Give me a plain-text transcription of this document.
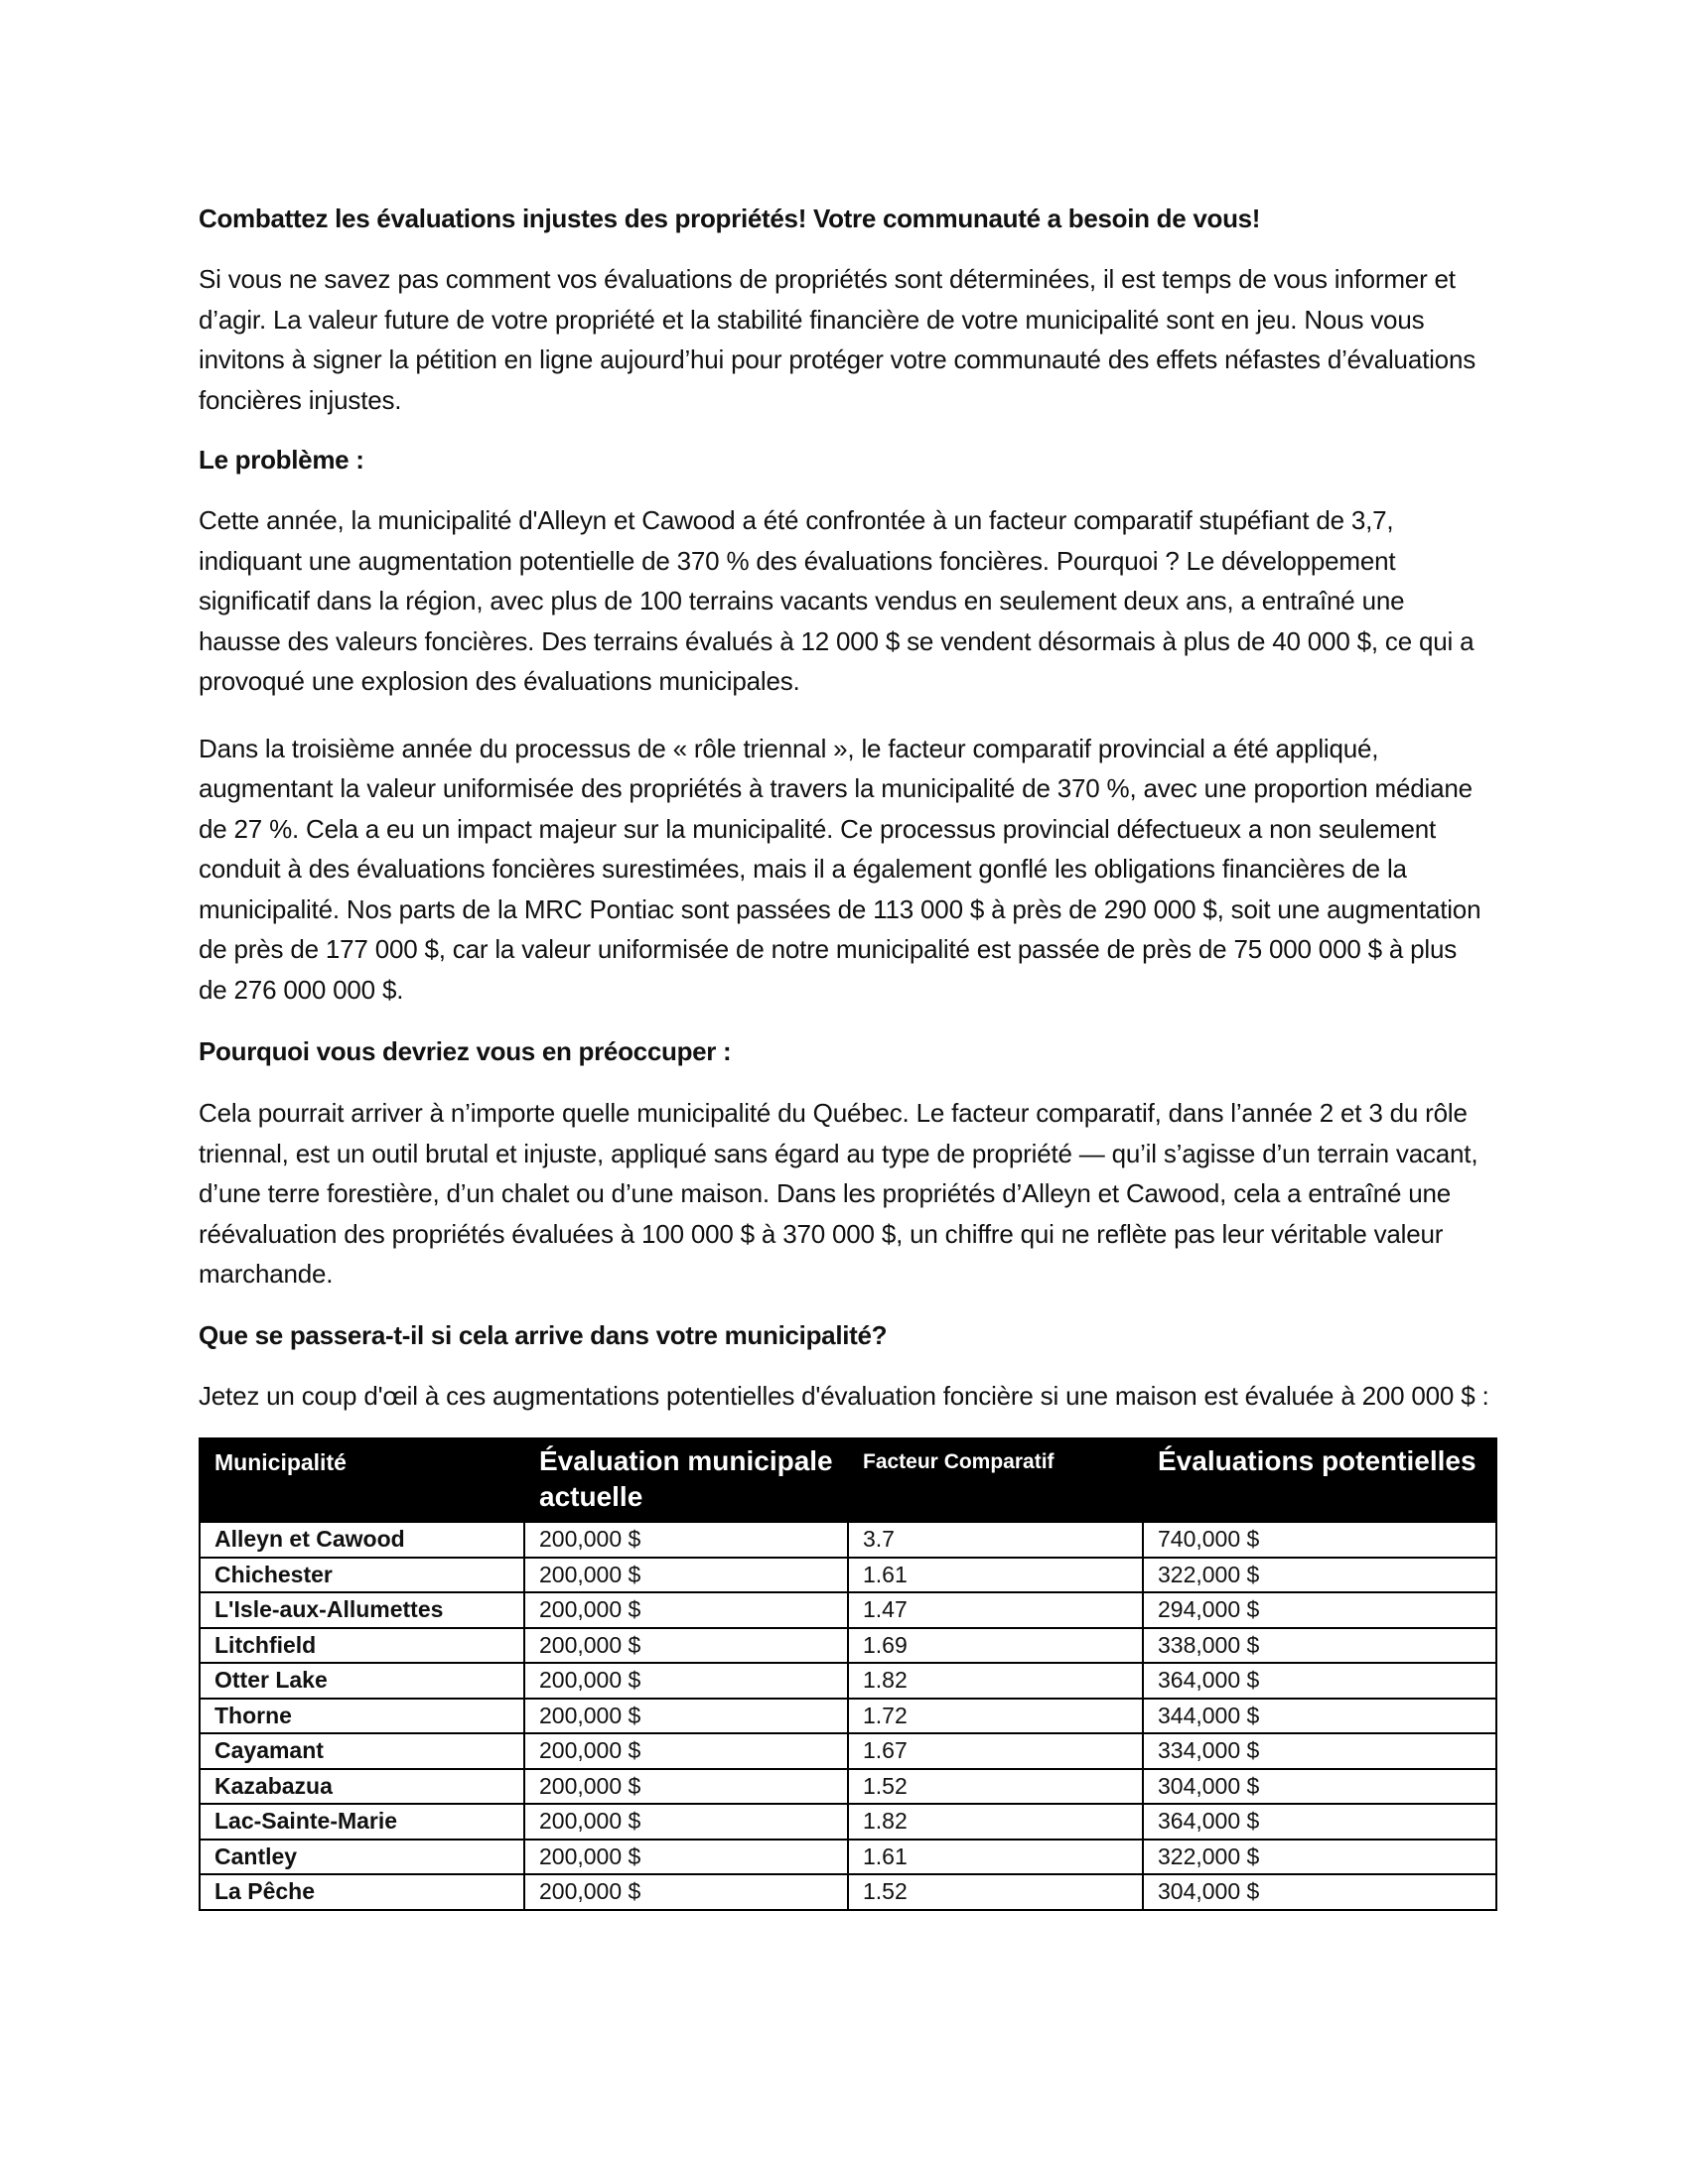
Combattez les évaluations injustes des propriétés! Votre communauté a besoin de vous!

Si vous ne savez pas comment vos évaluations de propriétés sont déterminées, il est temps de vous informer et d’agir. La valeur future de votre propriété et la stabilité financière de votre municipalité sont en jeu. Nous vous invitons à signer la pétition en ligne aujourd’hui pour protéger votre communauté des effets néfastes d’évaluations foncières injustes.

Le problème :

Cette année, la municipalité d'Alleyn et Cawood a été confrontée à un facteur comparatif stupéfiant de 3,7, indiquant une augmentation potentielle de 370 % des évaluations foncières. Pourquoi ? Le développement significatif dans la région, avec plus de 100 terrains vacants vendus en seulement deux ans, a entraîné une hausse des valeurs foncières. Des terrains évalués à 12 000 $ se vendent désormais à plus de 40 000 $, ce qui a provoqué une explosion des évaluations municipales.

Dans la troisième année du processus de « rôle triennal », le facteur comparatif provincial a été appliqué, augmentant la valeur uniformisée des propriétés à travers la municipalité de 370 %, avec une proportion médiane de 27 %. Cela a eu un impact majeur sur la municipalité. Ce processus provincial défectueux a non seulement conduit à des évaluations foncières surestimées, mais il a également gonflé les obligations financières de la municipalité. Nos parts de la MRC Pontiac sont passées de 113 000 $ à près de 290 000 $, soit une augmentation de près de 177 000 $, car la valeur uniformisée de notre municipalité est passée de près de 75 000 000 $ à plus de 276 000 000 $.

Pourquoi vous devriez vous en préoccuper :

Cela pourrait arriver à n’importe quelle municipalité du Québec. Le facteur comparatif, dans l’année 2 et 3 du rôle triennal, est un outil brutal et injuste, appliqué sans égard au type de propriété — qu’il s’agisse d’un terrain vacant, d’une terre forestière, d’un chalet ou d’une maison. Dans les propriétés d’Alleyn et Cawood, cela a entraîné une réévaluation des propriétés évaluées à 100 000 $ à 370 000 $, un chiffre qui ne reflète pas leur véritable valeur marchande.

Que se passera-t-il si cela arrive dans votre municipalité?

Jetez un coup d'œil à ces augmentations potentielles d'évaluation foncière si une maison est évaluée à 200 000 $ :

Municipalité	Évaluation municipale actuelle	Facteur Comparatif	Évaluations potentielles
Alleyn et Cawood	200,000 $	3.7	740,000 $
Chichester	200,000 $	1.61	322,000 $
L'Isle-aux-Allumettes	200,000 $	1.47	294,000 $
Litchfield	200,000 $	1.69	338,000 $
Otter Lake	200,000 $	1.82	364,000 $
Thorne	200,000 $	1.72	344,000 $
Cayamant	200,000 $	1.67	334,000 $
Kazabazua	200,000 $	1.52	304,000 $
Lac-Sainte-Marie	200,000 $	1.82	364,000 $
Cantley	200,000 $	1.61	322,000 $
La Pêche	200,000 $	1.52	304,000 $
